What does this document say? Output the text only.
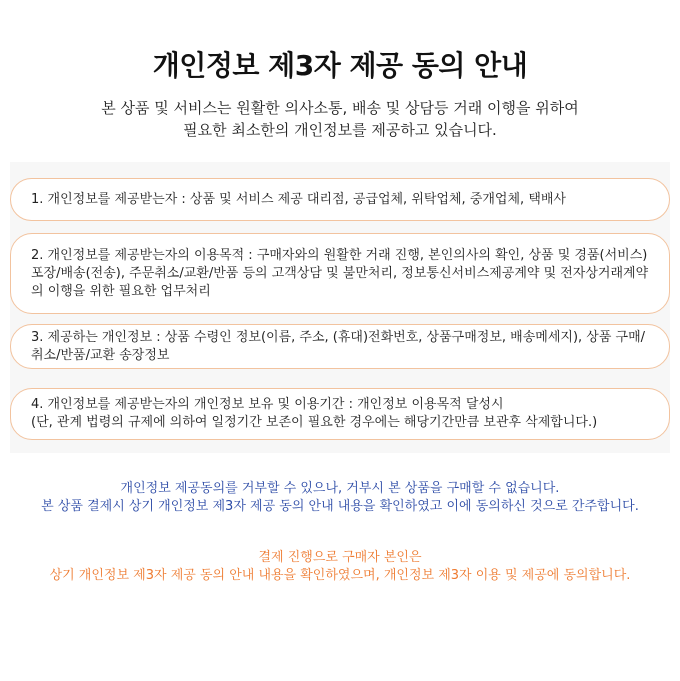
개인정보 제3자 제공 동의 안내
본 상품 및 서비스는 원활한 의사소통, 배송 및 상담등 거래 이행을 위하여
필요한 최소한의 개인정보를 제공하고 있습니다.
1. 개인정보를 제공받는자 : 상품 및 서비스 제공 대리점, 공급업체, 위탁업체, 중개업체, 택배사
2. 개인정보를 제공받는자의 이용목적 : 구매자와의 원활한 거래 진행, 본인의사의 확인, 상품 및 경품(서비스) 포장/배송(전송), 주문취소/교환/반품 등의 고객상담 및 불만처리, 정보통신서비스제공계약 및 전자상거래계약의 이행을 위한 필요한 업무처리
3. 제공하는 개인정보 : 상품 수령인 정보(이름, 주소, (휴대)전화번호, 상품구매정보, 배송메세지), 상품 구매/취소/반품/교환 송장정보
4. 개인정보를 제공받는자의 개인정보 보유 및 이용기간 : 개인정보 이용목적 달성시
(단, 관계 법령의 규제에 의하여 일정기간 보존이 필요한 경우에는 해당기간만큼 보관후 삭제합니다.)
개인정보 제공동의를 거부할 수 있으나, 거부시 본 상품을 구매할 수 없습니다.
본 상품 결제시 상기 개인정보 제3자 제공 동의 안내 내용을 확인하였고 이에 동의하신 것으로 간주합니다.
결제 진행으로 구매자 본인은
상기 개인정보 제3자 제공 동의 안내 내용을 확인하였으며, 개인정보 제3자 이용 및 제공에 동의합니다.
